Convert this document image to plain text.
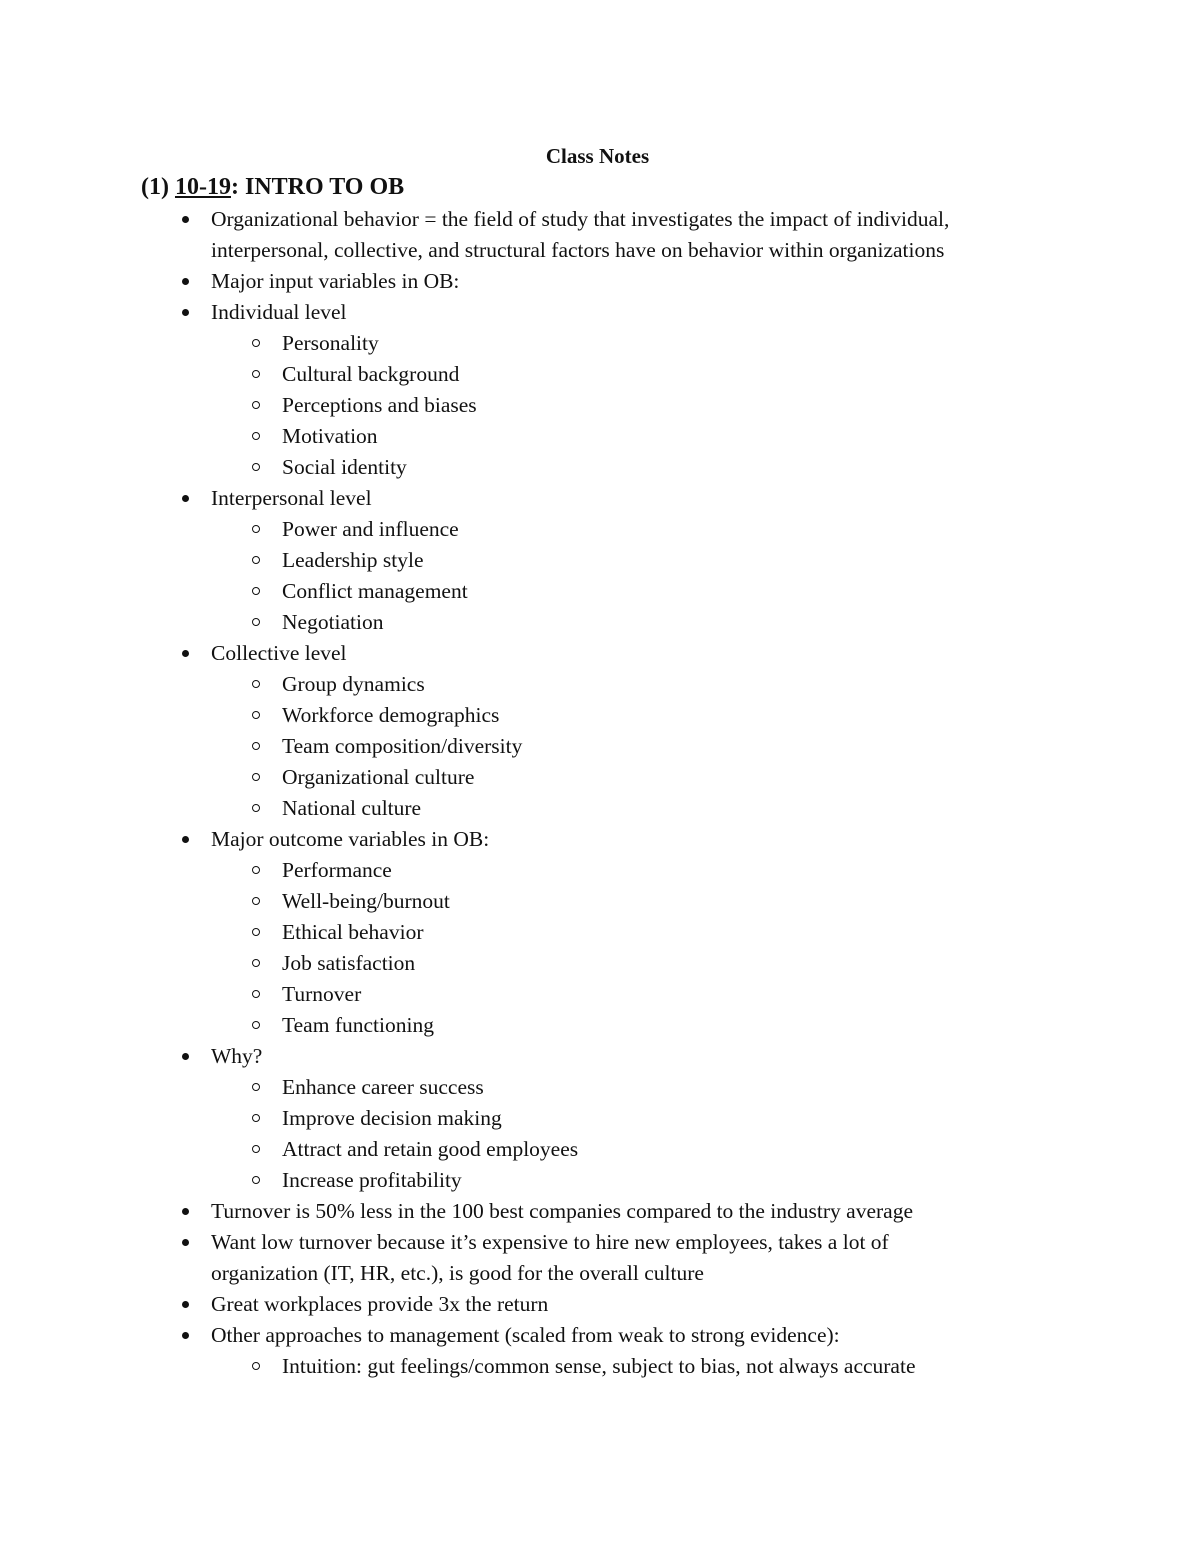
Class Notes
(1) 10-19: INTRO TO OB
Organizational behavior = the field of study that investigates the impact of individual,
interpersonal, collective, and structural factors have on behavior within organizations
Major input variables in OB:
Individual level
Personality
Cultural background
Perceptions and biases
Motivation
Social identity
Interpersonal level
Power and influence
Leadership style
Conflict management
Negotiation
Collective level
Group dynamics
Workforce demographics
Team composition/diversity
Organizational culture
National culture
Major outcome variables in OB:
Performance
Well-being/burnout
Ethical behavior
Job satisfaction
Turnover
Team functioning
Why?
Enhance career success
Improve decision making
Attract and retain good employees
Increase profitability
Turnover is 50% less in the 100 best companies compared to the industry average
Want low turnover because it’s expensive to hire new employees, takes a lot of
organization (IT, HR, etc.), is good for the overall culture
Great workplaces provide 3x the return
Other approaches to management (scaled from weak to strong evidence):
Intuition: gut feelings/common sense, subject to bias, not always accurate
